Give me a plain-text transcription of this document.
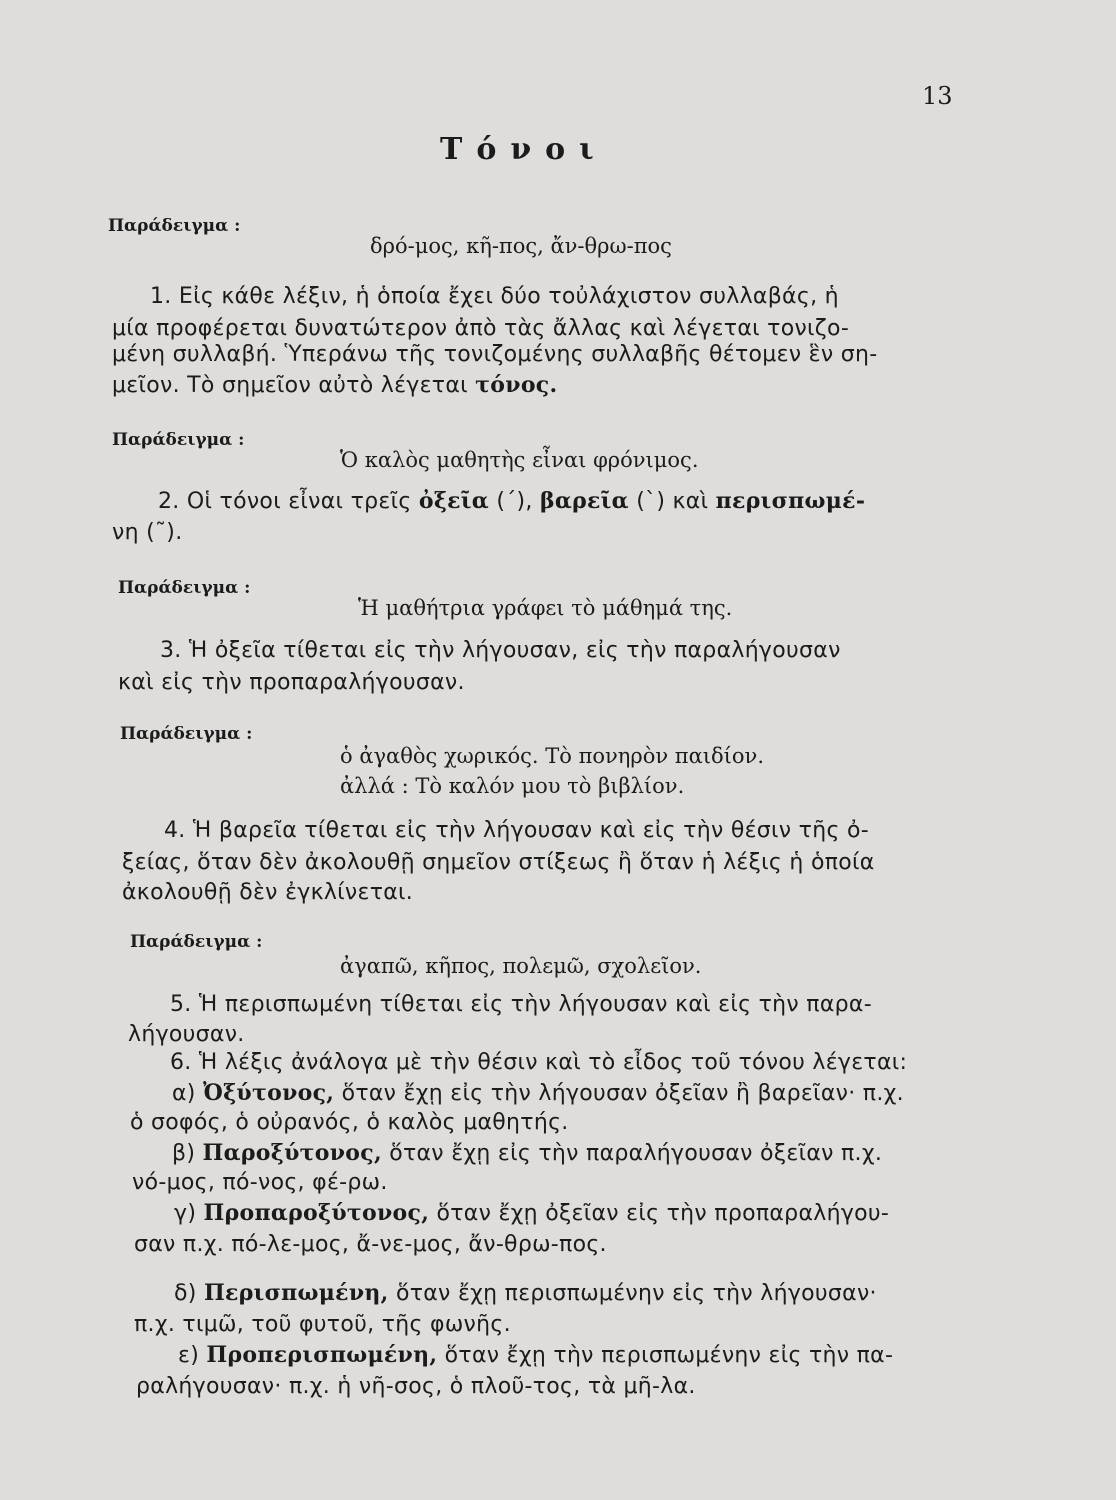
13
Τόνοι
Παράδειγμα :
δρό-μος, κῆ-πος, ἄν-θρω-πος
1. Εἰς κάθε λέξιν, ἡ ὁποία ἔχει δύο τοὐλάχιστον συλλαβάς, ἡ
μία προφέρεται δυνατώτερον ἀπὸ τὰς ἄλλας καὶ λέγεται τονιζο-
μένη συλλαβή. Ὑπεράνω τῆς τονιζομένης συλλαβῆς θέτομεν ἓν ση-
μεῖον. Τὸ σημεῖον αὐτὸ λέγεται τόνος.
Παράδειγμα :
Ὁ καλὸς μαθητὴς εἶναι φρόνιμος.
2. Οἱ τόνοι εἶναι τρεῖς ὀξεῖα (΄), βαρεῖα (`) καὶ περισπωμέ-
νη (῀).
Παράδειγμα :
Ἡ μαθήτρια γράφει τὸ μάθημά της.
3. Ἡ ὀξεῖα τίθεται εἰς τὴν λήγουσαν, εἰς τὴν παραλήγουσαν
καὶ εἰς τὴν προπαραλήγουσαν.
Παράδειγμα :
ὁ ἀγαθὸς χωρικός. Τὸ πονηρὸν παιδίον.
ἀλλά : Τὸ καλόν μου τὸ βιβλίον.
4. Ἡ βαρεῖα τίθεται εἰς τὴν λήγουσαν καὶ εἰς τὴν θέσιν τῆς ὀ-
ξείας, ὅταν δὲν ἀκολουθῇ σημεῖον στίξεως ἢ ὅταν ἡ λέξις ἡ ὁποία
ἀκολουθῇ δὲν ἐγκλίνεται.
Παράδειγμα :
ἀγαπῶ, κῆπος, πολεμῶ, σχολεῖον.
5. Ἡ περισπωμένη τίθεται εἰς τὴν λήγουσαν καὶ εἰς τὴν παρα-
λήγουσαν.
6. Ἡ λέξις ἀνάλογα μὲ τὴν θέσιν καὶ τὸ εἶδος τοῦ τόνου λέγεται:
α) Ὀξύτονος, ὅταν ἔχῃ εἰς τὴν λήγουσαν ὀξεῖαν ἢ βαρεῖαν· π.χ.
ὁ σοφός, ὁ οὐρανός, ὁ καλὸς μαθητής.
β) Παροξύτονος, ὅταν ἔχῃ εἰς τὴν παραλήγουσαν ὀξεῖαν π.χ.
νό-μος, πό-νος, φέ-ρω.
γ) Προπαροξύτονος, ὅταν ἔχῃ ὀξεῖαν εἰς τὴν προπαραλήγου-
σαν π.χ. πό-λε-μος, ἄ-νε-μος, ἄν-θρω-πος.
δ) Περισπωμένη, ὅταν ἔχῃ περισπωμένην εἰς τὴν λήγουσαν·
π.χ. τιμῶ, τοῦ φυτοῦ, τῆς φωνῆς.
ε) Προπερισπωμένη, ὅταν ἔχῃ τὴν περισπωμένην εἰς τὴν πα-
ραλήγουσαν· π.χ. ἡ νῆ-σος, ὁ πλοῦ-τος, τὰ μῆ-λα.
